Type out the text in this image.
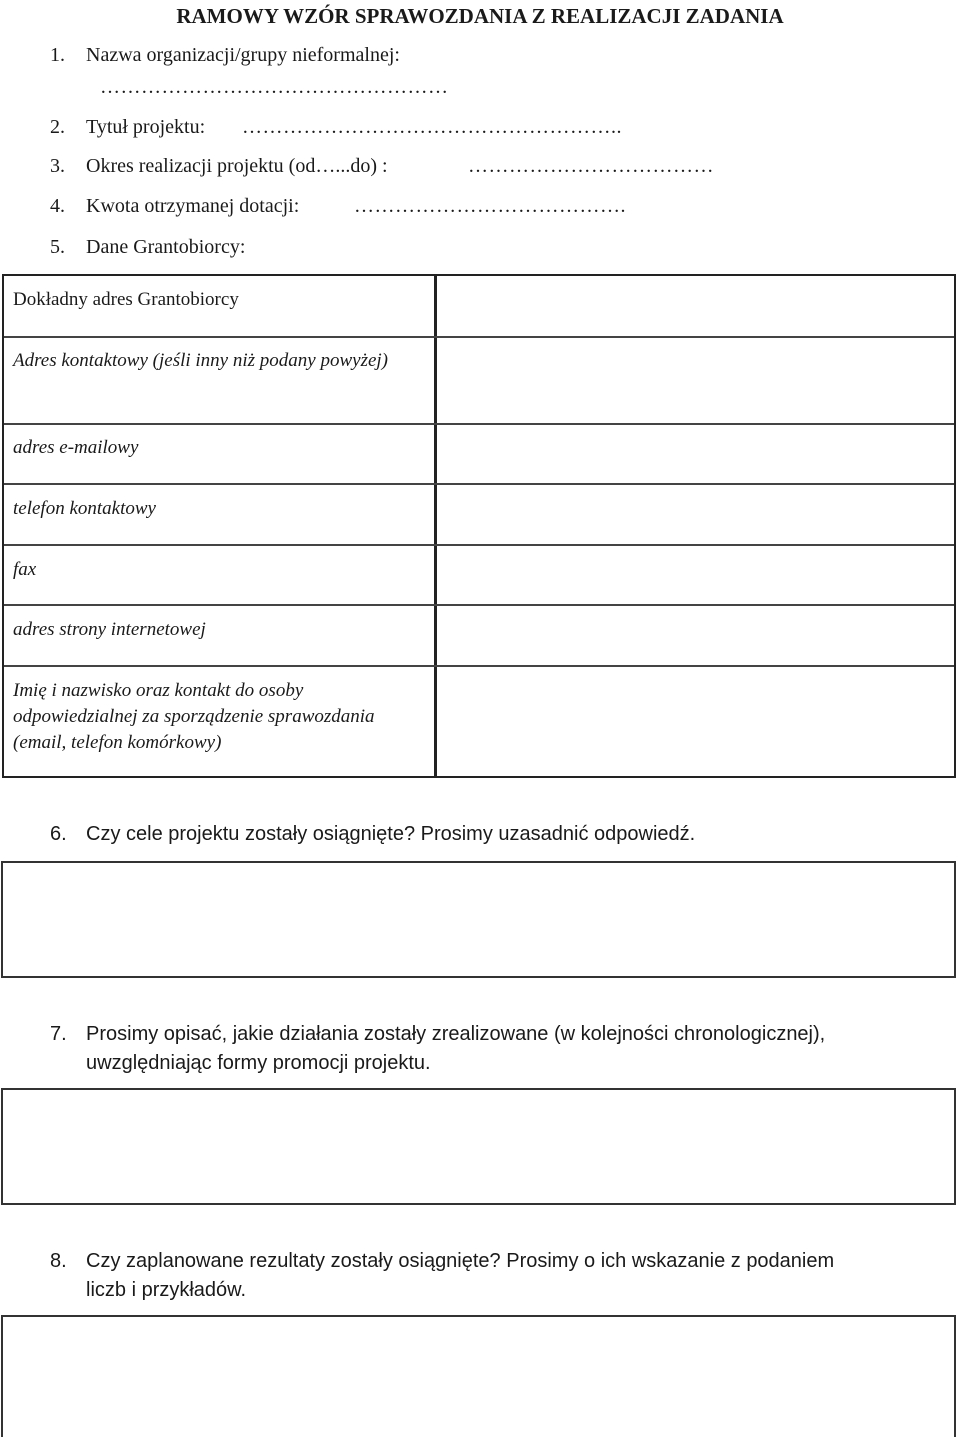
RAMOWY WZÓR SPRAWOZDANIA Z REALIZACJI ZADANIA
1. Nazwa organizacji/grupy nieformalnej:
……………………………………………
2. Tytuł projektu: ………………………………………………..
3. Okres realizacji projektu (od…...do) :	………………………………
4. Kwota otrzymanej dotacji:	………………………………….
5. Dane Grantobiorcy:
Dokładny adres Grantobiorcy
Adres kontaktowy (jeśli inny niż podany powyżej)
adres e-mailowy
telefon kontaktowy
fax
adres strony internetowej
Imię i nazwisko oraz kontakt do osoby odpowiedzialnej za sporządzenie sprawozdania (email, telefon komórkowy)
6. Czy cele projektu zostały osiągnięte? Prosimy uzasadnić odpowiedź.
7. Prosimy opisać, jakie działania zostały zrealizowane (w kolejności chronologicznej),
uwzględniając formy promocji projektu.
8. Czy zaplanowane rezultaty zostały osiągnięte? Prosimy o ich wskazanie z podaniem
liczb i przykładów.
